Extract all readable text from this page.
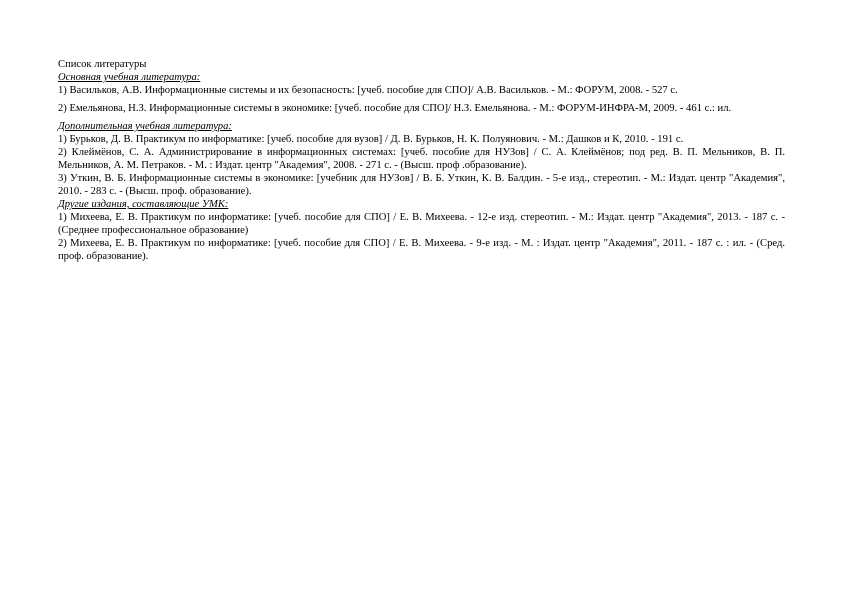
Список литературы

Основная учебная литература:

1) Васильков, А.В. Информационные системы и их безопасность: [учеб. пособие для СПО]/ А.В. Васильков. - М.: ФОРУМ, 2008. - 527 с.

2) Емельянова, Н.З. Информационные системы в экономике: [учеб. пособие для СПО]/ Н.З. Емельянова. - М.: ФОРУМ-ИНФРА-М, 2009. - 461 с.: ил.

Дополнительная учебная литература:

1) Бурьков, Д. В. Практикум по информатике: [учеб. пособие для вузов] / Д. В. Бурьков, Н. К. Полуянович. - М.: Дашков и К, 2010. - 191 с.

2) Клеймёнов, С. А. Администрирование в информационных системах: [учеб. пособие для НУЗов] / С. А. Клеймёнов; под ред. В. П. Мельников, В. П. Мельников, А. М. Петраков. - М. : Издат. центр "Академия", 2008. - 271 с. - (Высш. проф .образование).

3) Уткин, В. Б. Информационные системы в экономике: [учебник для НУЗов] / В. Б. Уткин, К. В. Балдин. - 5-е изд., стереотип. - М.: Издат. центр "Академия", 2010. - 283 с. - (Высш. проф. образование).

Другие издания, составляющие УМК:

1) Михеева, Е. В. Практикум по информатике: [учеб. пособие для СПО] / Е. В. Михеева. - 12-е изд. стереотип. - М.: Издат. центр "Академия", 2013. - 187 с. - (Среднее профессиональное образование)

2) Михеева, Е. В. Практикум по информатике: [учеб. пособие для СПО] / Е. В. Михеева. - 9-е изд. - М. : Издат. центр "Академия", 2011. - 187 с. : ил. - (Сред. проф. образование).
